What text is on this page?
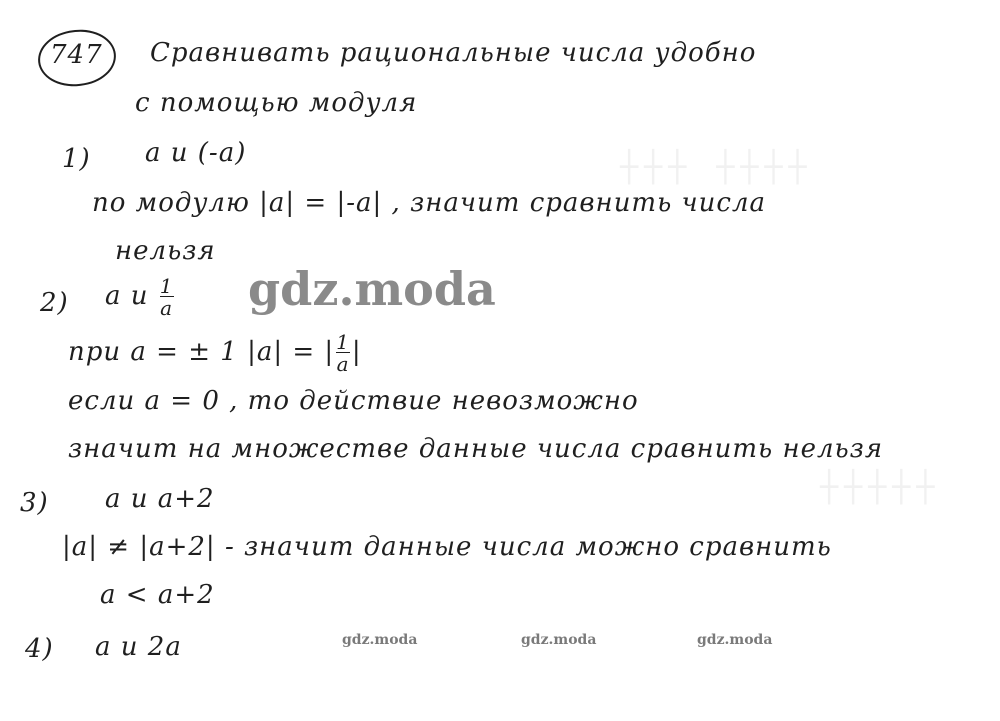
┼┼┼ ┼┼┼┼
┼┼┼┼┼
747 Сравнивать рациональные числа удобно
с помощью модуля
1) a и (-a)
по модулю |a| = |-a| , значит сравнить числа
нельзя
2) a и $\frac{1}{a}$
при a = ± 1 |a| = | $\frac{1}{a}$ |
если a = 0 , то действие невозможно
значит на множестве данные числа сравнить нельзя
3) a и a+2
|a| ≠ |a+2| - значит данные числа можно сравнить
a < a+2
4) a и 2a
gdz.moda
gdz.moda	gdz.moda	gdz.moda
